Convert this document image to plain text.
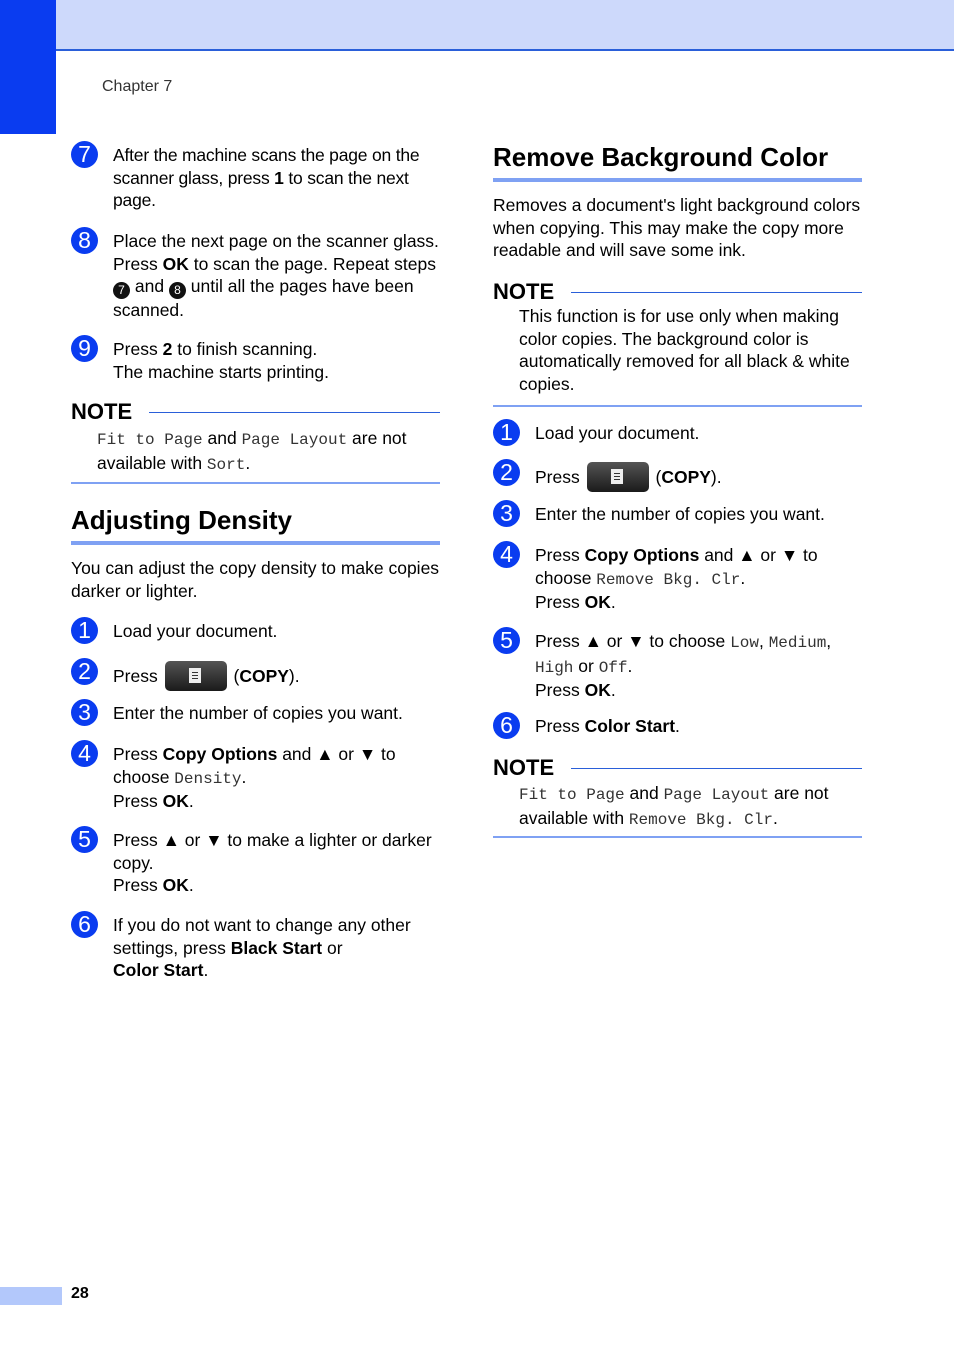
Chapter 7
7	After the machine scans the page on the scanner glass, press 1 to scan the next page.
8	Place the next page on the scanner glass. Press OK to scan the page. Repeat steps 7 and 8 until all the pages have been scanned.
9	Press 2 to finish scanning.
The machine starts printing.
NOTE
Fit to Page and Page Layout are not available with Sort.
Adjusting Density
You can adjust the copy density to make copies darker or lighter.
1	Load your document.
2	Press	(COPY).
3	Enter the number of copies you want.
4	Press Copy Options and ▲ or ▼ to choose Density.
Press OK.
5	Press ▲ or ▼ to make a lighter or darker copy.
Press OK.
6	If you do not want to change any other settings, press Black Start or
Color Start.
Remove Background Color
Removes a document's light background colors when copying. This may make the copy more readable and will save some ink.
NOTE
This function is for use only when making color copies. The background color is automatically removed for all black & white copies.
1	Load your document.
2	Press	(COPY).
3	Enter the number of copies you want.
4	Press Copy Options and ▲ or ▼ to choose Remove Bkg. Clr.
Press OK.
5	Press ▲ or ▼ to choose Low, Medium, High or Off.
Press OK.
6	Press Color Start.
NOTE
Fit to Page and Page Layout are not available with Remove Bkg. Clr.
28
